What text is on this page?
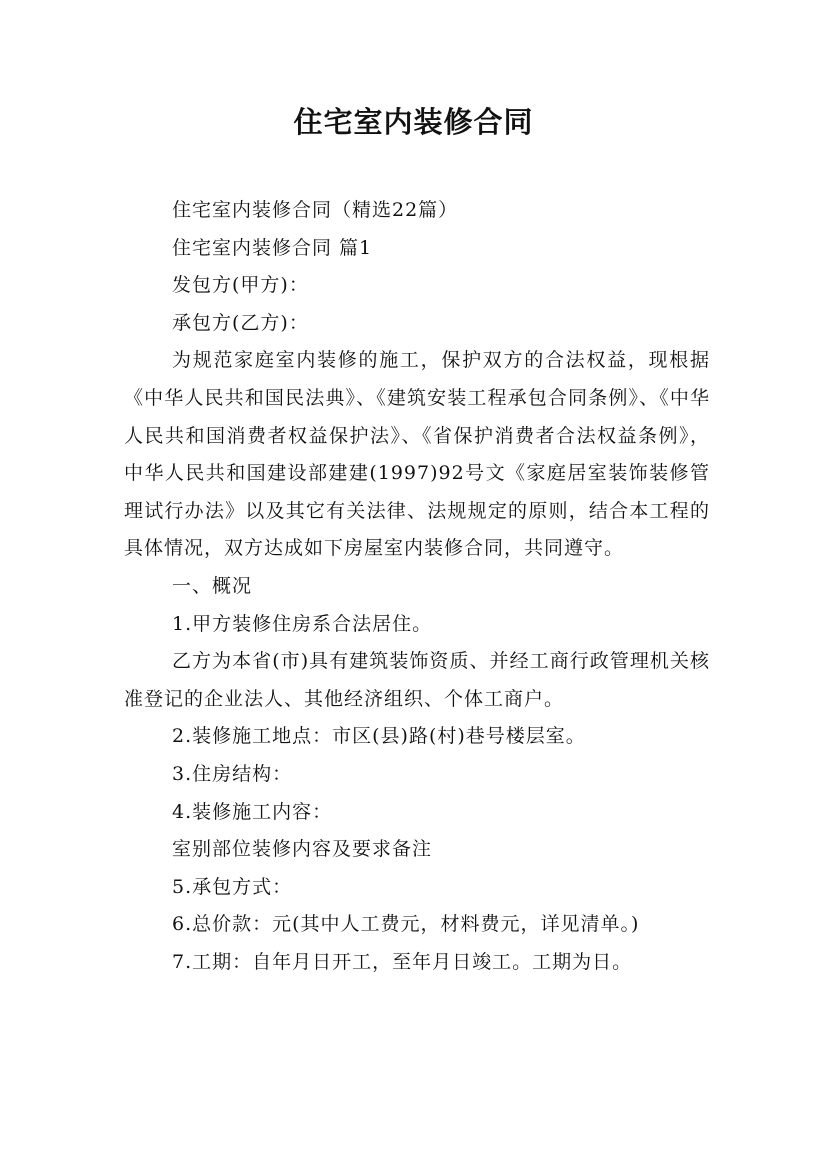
住宅室内装修合同

住宅室内装修合同（精选22篇）

住宅室内装修合同 篇1

发包方(甲方)：

承包方(乙方)：

为规范家庭室内装修的施工，保护双方的合法权益，现根据《中华人民共和国民法典》、《建筑安装工程承包合同条例》、《中华人民共和国消费者权益保护法》、《省保护消费者合法权益条例》，中华人民共和国建设部建建(1997)92号文《家庭居室装饰装修管理试行办法》以及其它有关法律、法规规定的原则，结合本工程的具体情况，双方达成如下房屋室内装修合同，共同遵守。

一、概况

1.甲方装修住房系合法居住。

乙方为本省(市)具有建筑装饰资质、并经工商行政管理机关核准登记的企业法人、其他经济组织、个体工商户。

2.装修施工地点：市区(县)路(村)巷号楼层室。

3.住房结构：

4.装修施工内容：

室别部位装修内容及要求备注

5.承包方式：

6.总价款：元(其中人工费元，材料费元，详见清单。)

7.工期：自年月日开工，至年月日竣工。工期为日。
